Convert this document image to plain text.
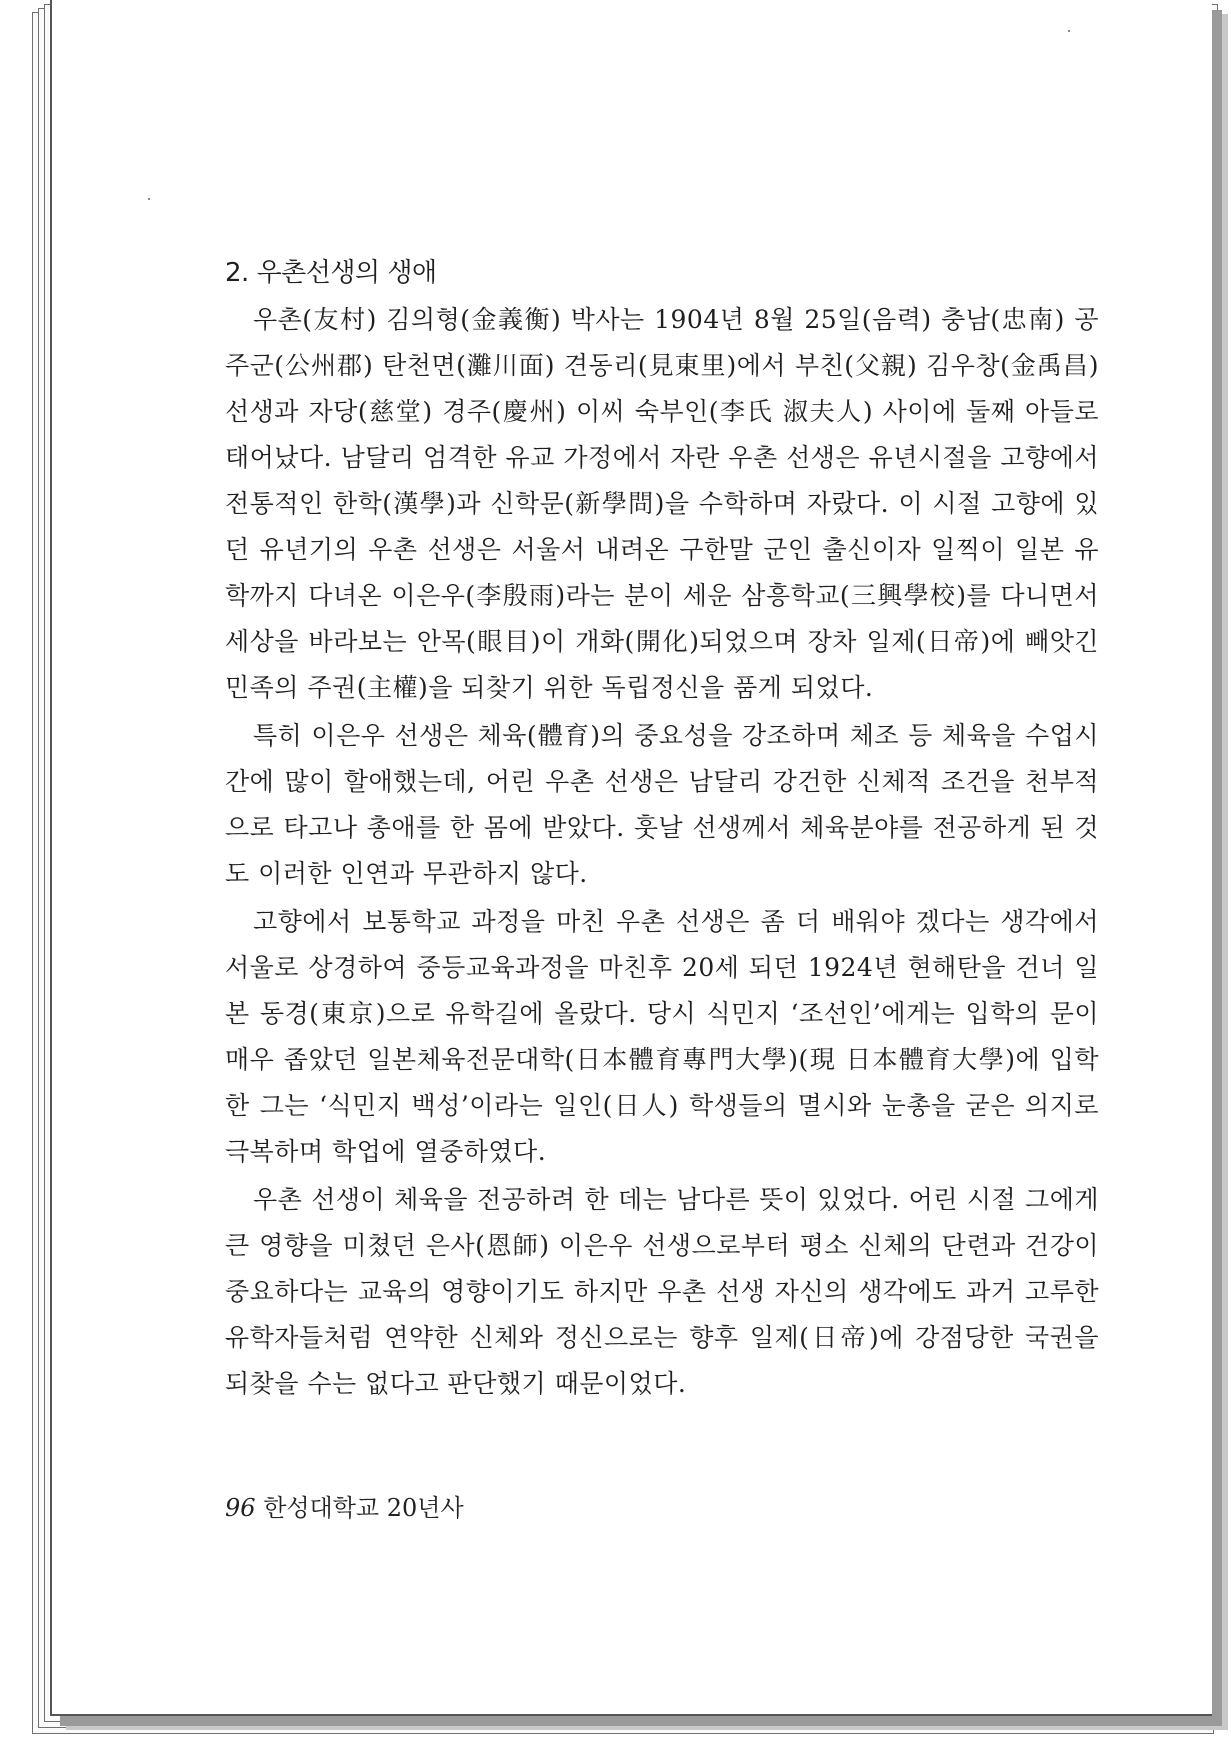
2. 우촌선생의 생애

우촌(友村) 김의형(金義衡) 박사는 1904년 8월 25일(음력) 충남(忠南) 공주군(公州郡) 탄천면(灘川面) 견동리(見東里)에서 부친(父親) 김우창(金禹昌) 선생과 자당(慈堂) 경주(慶州) 이씨 숙부인(李氏 淑夫人) 사이에 둘째 아들로 태어났다. 남달리 엄격한 유교 가정에서 자란 우촌 선생은 유년시절을 고향에서 전통적인 한학(漢學)과 신학문(新學問)을 수학하며 자랐다. 이 시절 고향에 있던 유년기의 우촌 선생은 서울서 내려온 구한말 군인 출신이자 일찍이 일본 유학까지 다녀온 이은우(李殷雨)라는 분이 세운 삼흥학교(三興學校)를 다니면서 세상을 바라보는 안목(眼目)이 개화(開化)되었으며 장차 일제(日帝)에 빼앗긴 민족의 주권(主權)을 되찾기 위한 독립정신을 품게 되었다.

특히 이은우 선생은 체육(體育)의 중요성을 강조하며 체조 등 체육을 수업시간에 많이 할애했는데, 어린 우촌 선생은 남달리 강건한 신체적 조건을 천부적으로 타고나 총애를 한 몸에 받았다. 훗날 선생께서 체육분야를 전공하게 된 것도 이러한 인연과 무관하지 않다.

고향에서 보통학교 과정을 마친 우촌 선생은 좀 더 배워야 겠다는 생각에서 서울로 상경하여 중등교육과정을 마친후 20세 되던 1924년 현해탄을 건너 일본 동경(東京)으로 유학길에 올랐다. 당시 식민지 ‘조선인’에게는 입학의 문이 매우 좁았던 일본체육전문대학(日本體育專門大學)(現 日本體育大學)에 입학한 그는 ‘식민지 백성’이라는 일인(日人) 학생들의 멸시와 눈총을 굳은 의지로 극복하며 학업에 열중하였다.

우촌 선생이 체육을 전공하려 한 데는 남다른 뜻이 있었다. 어린 시절 그에게 큰 영향을 미쳤던 은사(恩師) 이은우 선생으로부터 평소 신체의 단련과 건강이 중요하다는 교육의 영향이기도 하지만 우촌 선생 자신의 생각에도 과거 고루한 유학자들처럼 연약한 신체와 정신으로는 향후 일제(日帝)에 강점당한 국권을 되찾을 수는 없다고 판단했기 때문이었다.

96 한성대학교 20년사
